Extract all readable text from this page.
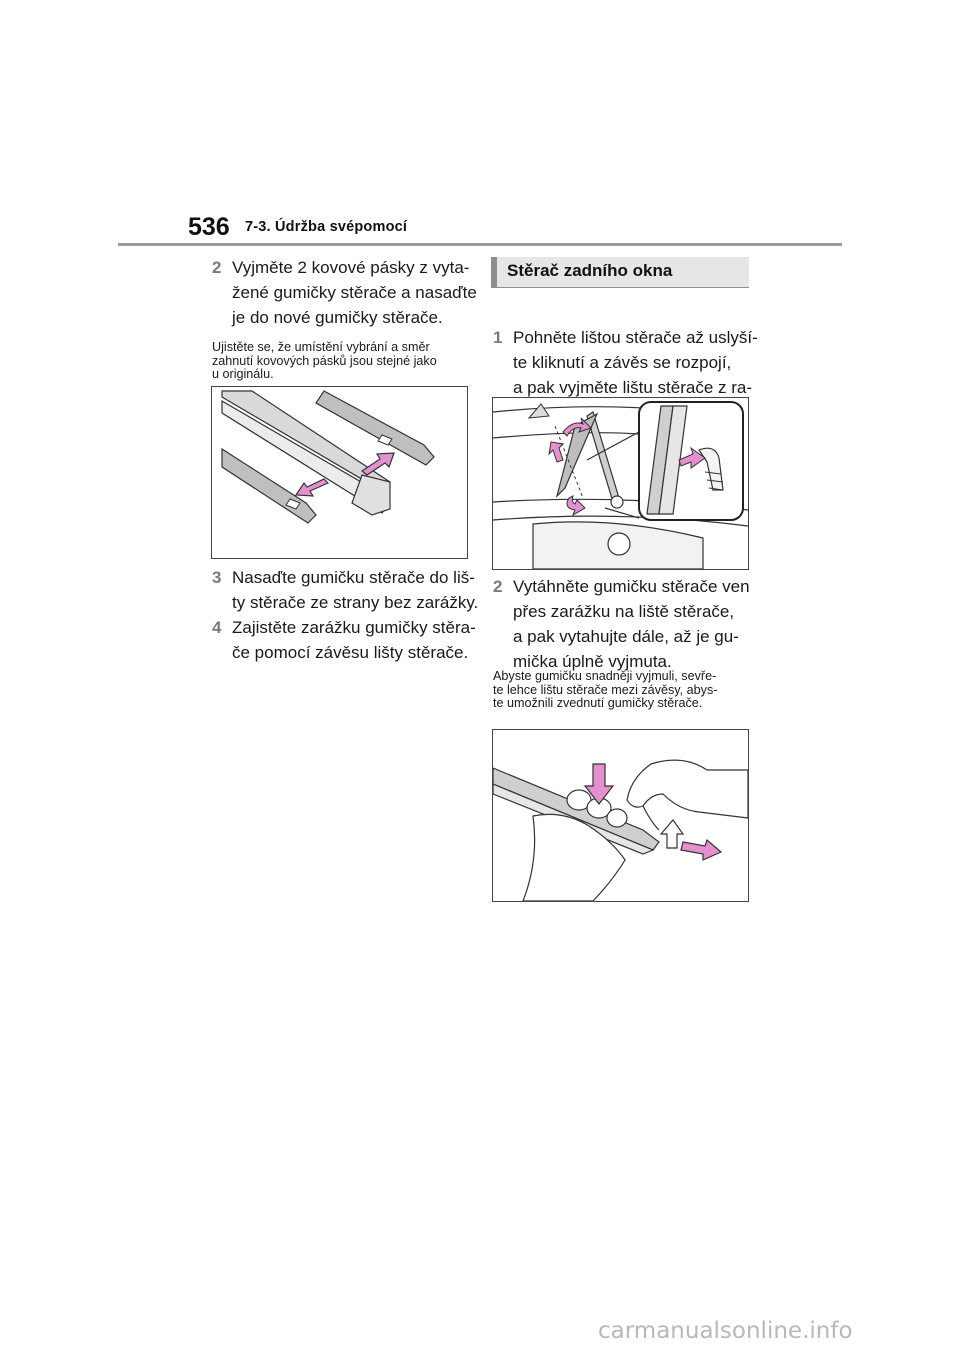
536 7-3. Údržba svépomocí
2 Vyjměte 2 kovové pásky z vyta-
žené gumičky stěrače a nasaďte
je do nové gumičky stěrače.
Ujistěte se, že umístění vybrání a směr
zahnutí kovových pásků jsou stejné jako
u originálu.
3 Nasaďte gumičku stěrače do liš-
ty stěrače ze strany bez zarážky.
4 Zajistěte zarážku gumičky stěra-
če pomocí závěsu lišty stěrače.
Stěrač zadního okna
1 Pohněte lištou stěrače až uslyší-
te kliknutí a závěs se rozpojí,
a pak vyjměte lištu stěrače z ra-
2 Vytáhněte gumičku stěrače ven
přes zarážku na liště stěrače,
a pak vytahujte dále, až je gu-
mička úplně vyjmuta.
Abyste gumičku snadněji vyjmuli, sevře-
te lehce lištu stěrače mezi závěsy, abys-
te umožnili zvednutí gumičky stěrače.
carmanualsonline.info
